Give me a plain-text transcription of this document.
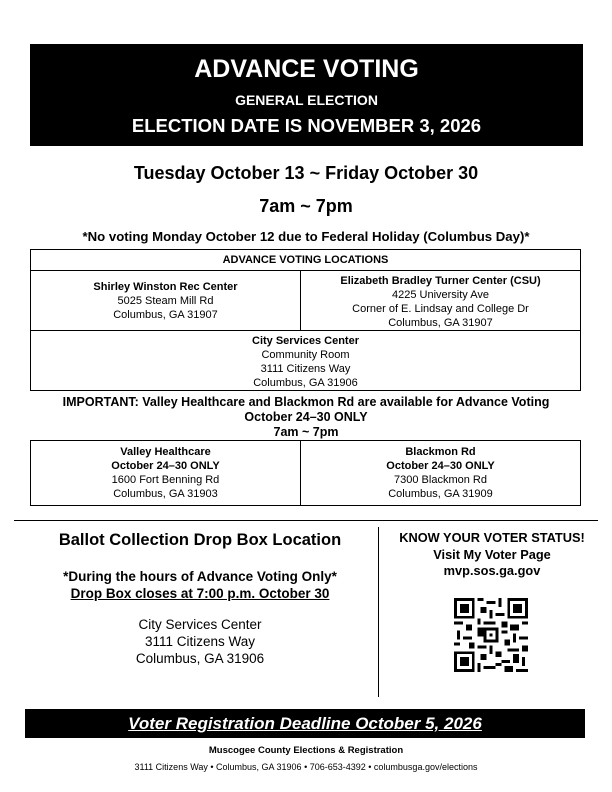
ADVANCE VOTING
GENERAL ELECTION
ELECTION DATE IS NOVEMBER 3, 2026
Tuesday October 13 ~ Friday October 30
7am ~ 7pm
*No voting Monday October 12 due to Federal Holiday (Columbus Day)*
ADVANCE VOTING LOCATIONS
Shirley Winston Rec Center
5025 Steam Mill Rd
Columbus, GA 31907
Elizabeth Bradley Turner Center (CSU)
4225 University Ave
Corner of E. Lindsay and College Dr
Columbus, GA 31907
City Services Center
Community Room
3111 Citizens Way
Columbus, GA 31906
IMPORTANT: Valley Healthcare and Blackmon Rd are available for Advance Voting
October 24–30 ONLY
7am ~ 7pm
Valley Healthcare
October 24–30 ONLY
1600 Fort Benning Rd
Columbus, GA 31903
Blackmon Rd
October 24–30 ONLY
7300 Blackmon Rd
Columbus, GA 31909
Ballot Collection Drop Box Location
*During the hours of Advance Voting Only*
Drop Box closes at 7:00 p.m. October 30
City Services Center
3111 Citizens Way
Columbus, GA 31906
KNOW YOUR VOTER STATUS!
Visit My Voter Page
mvp.sos.ga.gov
Voter Registration Deadline October 5, 2026
Muscogee County Elections & Registration
3111 Citizens Way • Columbus, GA 31906 • 706-653-4392 • columbusga.gov/elections
